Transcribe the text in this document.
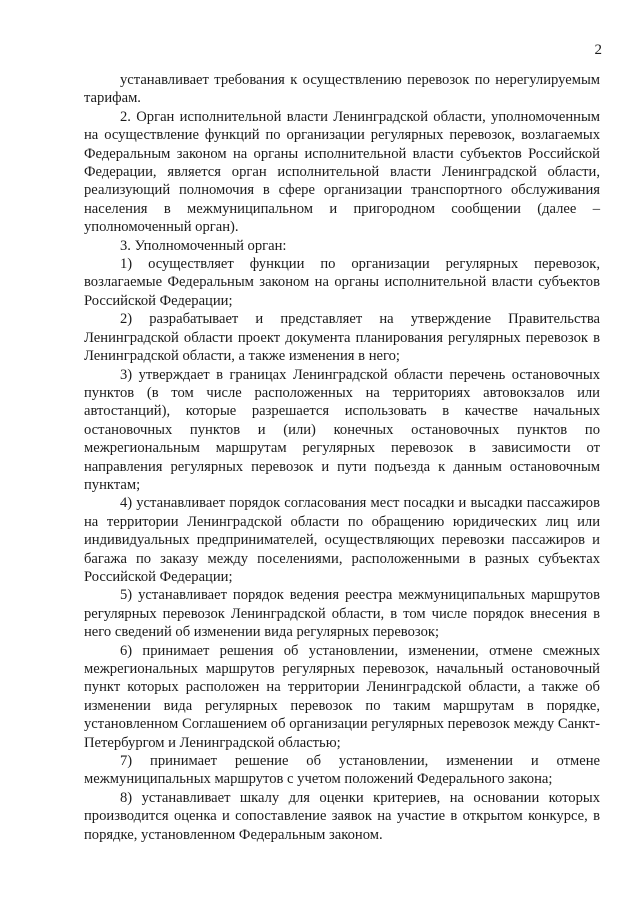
2

устанавливает требования к осуществлению перевозок по нерегулируемым тарифам.

2. Орган исполнительной власти Ленинградской области, уполномоченным на осуществление функций по организации регулярных перевозок, возлагаемых Федеральным законом на органы исполнительной власти субъектов Российской Федерации, является орган исполнительной власти Ленинградской области, реализующий полномочия в сфере организации транспортного обслуживания населения в межмуниципальном и пригородном сообщении (далее – уполномоченный орган).

3. Уполномоченный орган:

1) осуществляет функции по организации регулярных перевозок, возлагаемые Федеральным законом на органы исполнительной власти субъектов Российской Федерации;

2) разрабатывает и представляет на утверждение Правительства Ленинградской области проект документа планирования регулярных перевозок в Ленинградской области, а также изменения в него;

3) утверждает в границах Ленинградской области перечень остановочных пунктов (в том числе расположенных на территориях автовокзалов или автостанций), которые разрешается использовать в качестве начальных остановочных пунктов и (или) конечных остановочных пунктов по межрегиональным маршрутам регулярных перевозок в зависимости от направления регулярных перевозок и пути подъезда к данным остановочным пунктам;

4) устанавливает порядок согласования мест посадки и высадки пассажиров на территории Ленинградской области по обращению юридических лиц или индивидуальных предпринимателей, осуществляющих перевозки пассажиров и багажа по заказу между поселениями, расположенными в разных субъектах Российской Федерации;

5) устанавливает порядок ведения реестра межмуниципальных маршрутов регулярных перевозок Ленинградской области, в том числе порядок внесения в него сведений об изменении вида регулярных перевозок;

6) принимает решения об установлении, изменении, отмене смежных межрегиональных маршрутов регулярных перевозок, начальный остановочный пункт которых расположен на территории Ленинградской области, а также об изменении вида регулярных перевозок по таким маршрутам в порядке, установленном Соглашением об организации регулярных перевозок между Санкт-Петербургом и Ленинградской областью;

7) принимает решение об установлении, изменении и отмене межмуниципальных маршрутов с учетом положений Федерального закона;

8) устанавливает шкалу для оценки критериев, на основании которых производится оценка и сопоставление заявок на участие в открытом конкурсе, в порядке, установленном Федеральным законом.
